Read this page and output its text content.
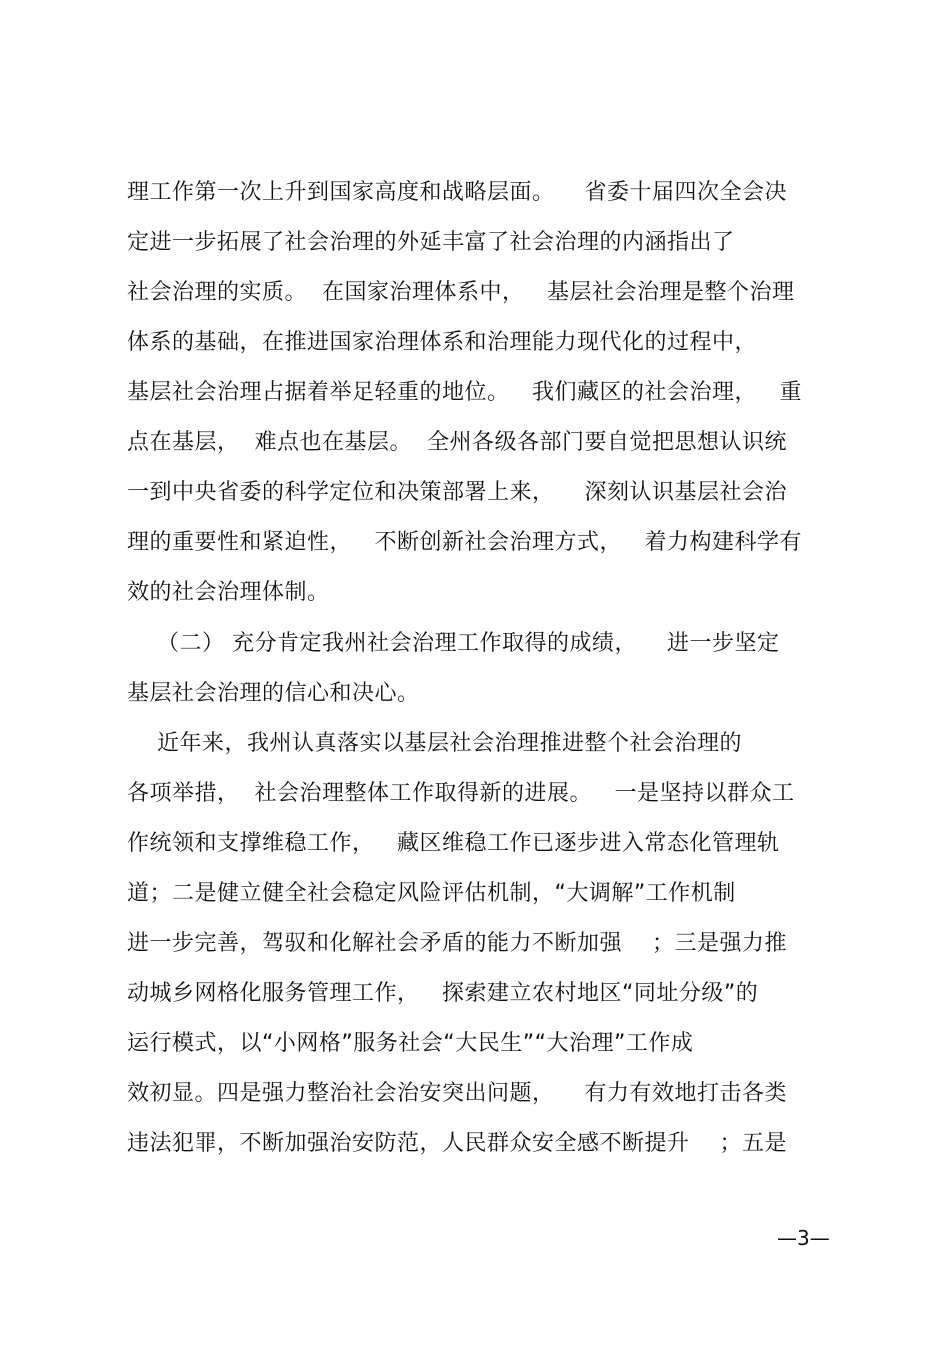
理工作第一次上升到国家高度和战略层面。    省委十届四次全会决
定进一步拓展了社会治理的外延丰富了社会治理的内涵指出了
社会治理的实质。  在国家治理体系中，   基层社会治理是整个治理
体系的基础，在推进国家治理体系和治理能力现代化的过程中，
基层社会治理占据着举足轻重的地位。   我们藏区的社会治理，   重
点在基层，  难点也在基层。  全州各级各部门要自觉把思想认识统
一到中央省委的科学定位和决策部署上来，    深刻认识基层社会治
理的重要性和紧迫性，   不断创新社会治理方式，   着力构建科学有
效的社会治理体制。
（二） 充分肯定我州社会治理工作取得的成绩，    进一步坚定
基层社会治理的信心和决心。
近年来，我州认真落实以基层社会治理推进整个社会治理的
各项举措，  社会治理整体工作取得新的进展。   一是坚持以群众工
作统领和支撑维稳工作，   藏区维稳工作已逐步进入常态化管理轨
道；二是健立健全社会稳定风险评估机制，“大调解”工作机制
进一步完善，驾驭和化解社会矛盾的能力不断加强    ；三是强力推
动城乡网格化服务管理工作，   探索建立农村地区“同址分级”的
运行模式，以“小网格”服务社会“大民生”“大治理”工作成
效初显。四是强力整治社会治安突出问题，    有力有效地打击各类
违法犯罪，不断加强治安防范，人民群众安全感不断提升    ；五是
—3—
